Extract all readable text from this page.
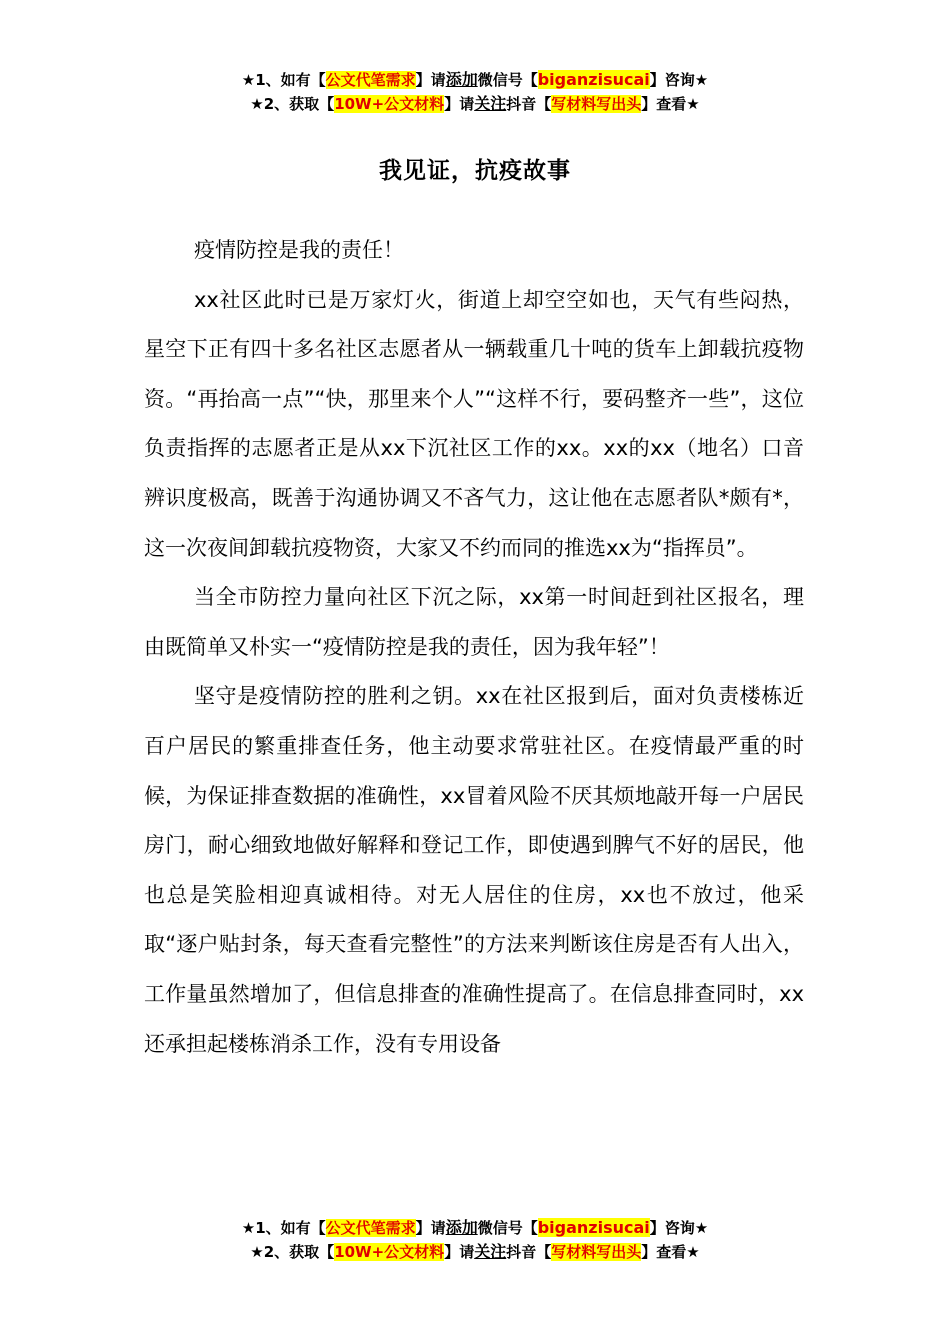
★1、如有【公文代笔需求】请添加微信号【biganzisucai】咨询★
★2、获取【10W+公文材料】请关注抖音【写材料写出头】查看★
我见证，抗疫故事

疫情防控是我的责任！

xx社区此时已是万家灯火，街道上却空空如也，天气有些闷热，星空下正有四十多名社区志愿者从一辆载重几十吨的货车上卸载抗疫物资。“再抬高一点”“快，那里来个人”“这样不行，要码整齐一些”，这位负责指挥的志愿者正是从xx下沉社区工作的xx。xx的xx（地名）口音辨识度极高，既善于沟通协调又不吝气力，这让他在志愿者队*颇有*，这一次夜间卸载抗疫物资，大家又不约而同的推选xx为“指挥员”。

当全市防控力量向社区下沉之际，xx第一时间赶到社区报名，理由既简单又朴实一“疫情防控是我的责任，因为我年轻”！

坚守是疫情防控的胜利之钥。xx在社区报到后，面对负责楼栋近百户居民的繁重排查任务，他主动要求常驻社区。在疫情最严重的时候，为保证排查数据的准确性，xx冒着风险不厌其烦地敲开每一户居民房门，耐心细致地做好解释和登记工作，即使遇到脾气不好的居民，他也总是笑脸相迎真诚相待。对无人居住的住房，xx也不放过，他采取“逐户贴封条，每天查看完整性”的方法来判断该住房是否有人出入，工作量虽然增加了，但信息排查的准确性提高了。在信息排查同时，xx还承担起楼栋消杀工作，没有专用设备

★1、如有【公文代笔需求】请添加微信号【biganzisucai】咨询★
★2、获取【10W+公文材料】请关注抖音【写材料写出头】查看★
